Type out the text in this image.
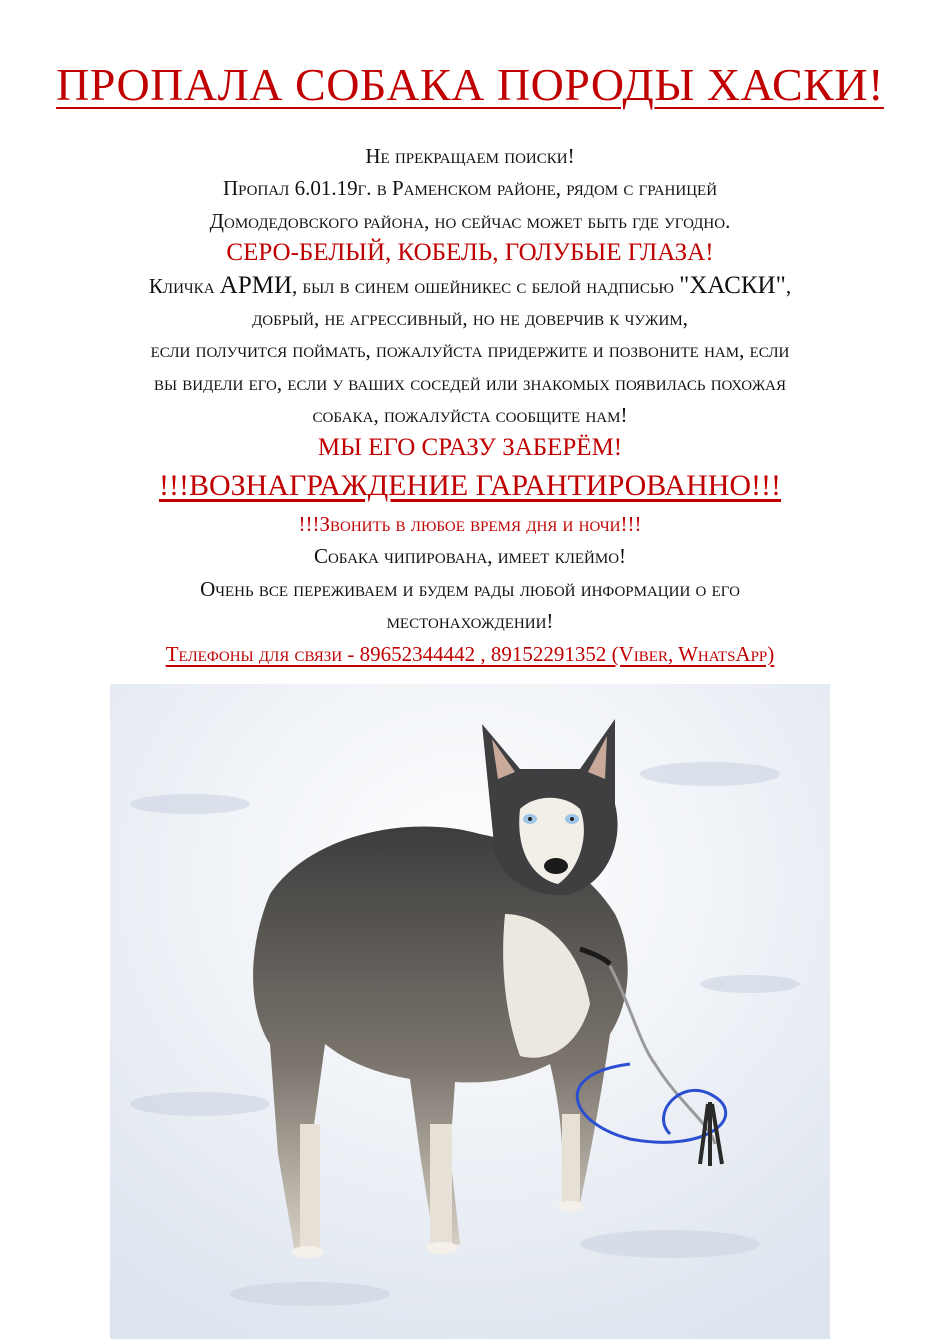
ПРОПАЛА СОБАКА ПОРОДЫ ХАСКИ!

Не прекращаем поиски!

Пропал 6.01.19г. в Раменском районе, рядом с границей

Домодедовского района, но сейчас может быть где угодно.

СЕРО-БЕЛЫЙ, КОБЕЛЬ, ГОЛУБЫЕ ГЛАЗА!

Кличка АРМИ, был в синем ошейникес с белой надписью "ХАСКИ",

добрый, не агрессивный, но не доверчив к чужим,

если получится поймать, пожалуйста придержите и позвоните нам, если

вы видели его, если у ваших соседей или знакомых появилась похожая

собака, пожалуйста сообщите нам!

МЫ ЕГО СРАЗУ ЗАБЕРЁМ!

!!!ВОЗНАГРАЖДЕНИЕ ГАРАНТИРОВАННО!!!

!!!Звонить в любое время дня и ночи!!!

Собака чипирована, имеет клеймо!

Очень все переживаем и будем рады любой информации о его

местонахождении!

Телефоны для связи - 89652344442 , 89152291352 (Viber, WhatsApp)
